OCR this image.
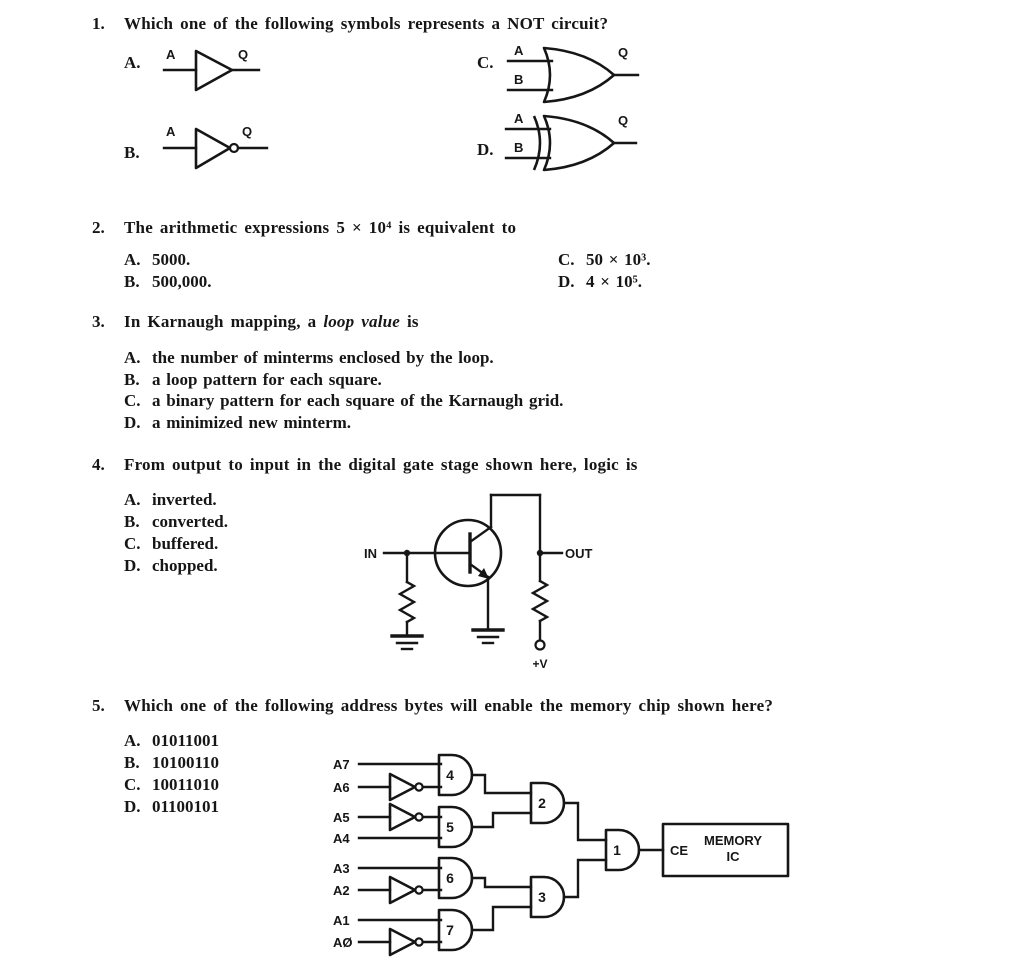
1.	Which one of the following symbols represents a NOT circuit?
A.	A	Q	C.
A
B
Q
B.
A	Q
D.
A
B
Q
2.	The arithmetic expressions 5 × 10⁴ is equivalent to
A. 5000.
B. 500,000.
C. 50 × 10³.
D. 4 × 10⁵.
3.	In Karnaugh mapping, a loop value is
A. the number of minterms enclosed by the loop.
B. a loop pattern for each square.
C. a binary pattern for each square of the Karnaugh grid.
D. a minimized new minterm.
4.	From output to input in the digital gate stage shown here, logic is
A. inverted.
B. converted.
C. buffered.
D. chopped.
IN	OUT
+V
5.	Which one of the following address bytes will enable the memory chip shown here?
A. 01011001
B. 10100110
C. 10011010
D. 01100101
A7
A6
A5
A4
A3
A2
A1
AØ
4
5
6
7
2
3
1	CE
MEMORY
IC
